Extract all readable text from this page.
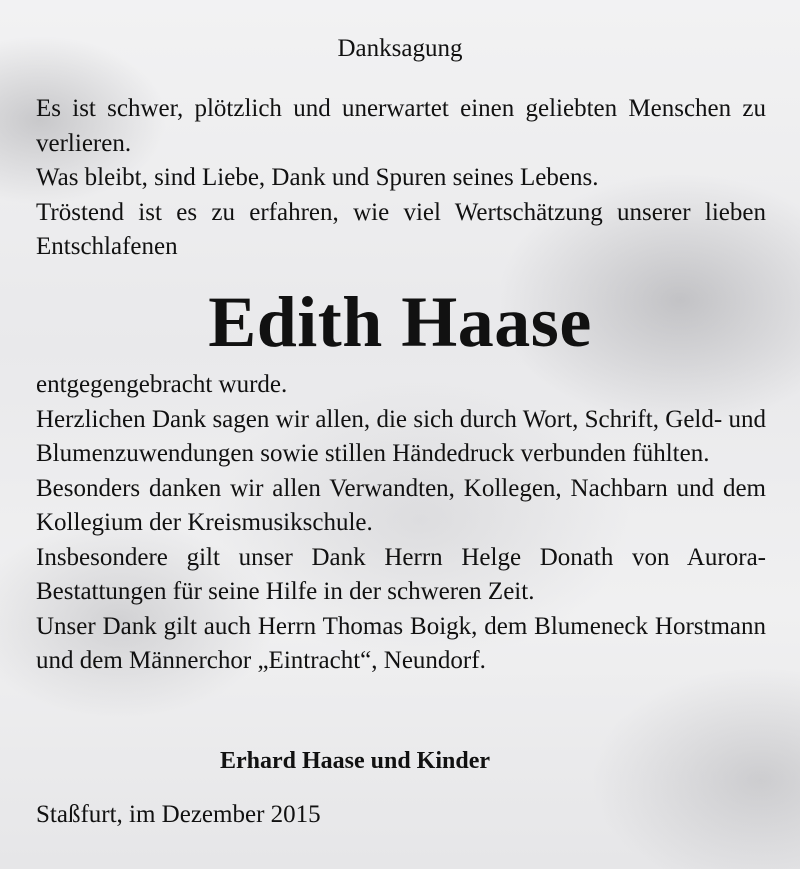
Danksagung
Es ist schwer, plötzlich und unerwartet einen geliebten Menschen zu verlieren.
Was bleibt, sind Liebe, Dank und Spuren seines Lebens.
Tröstend ist es zu erfahren, wie viel Wertschätzung unserer lieben Entschlafenen
Edith Haase
entgegengebracht wurde.
Herzlichen Dank sagen wir allen, die sich durch Wort, Schrift, Geld- und Blumenzuwendungen sowie stillen Händedruck verbunden fühlten.
Besonders danken wir allen Verwandten, Kollegen, Nachbarn und dem Kollegium der Kreismusikschule.
Insbesondere gilt unser Dank Herrn Helge Donath von Aurora-Bestattungen für seine Hilfe in der schweren Zeit.
Unser Dank gilt auch Herrn Thomas Boigk, dem Blumeneck Horstmann und dem Männerchor „Eintracht“, Neundorf.
Erhard Haase und Kinder
Staßfurt, im Dezember 2015
